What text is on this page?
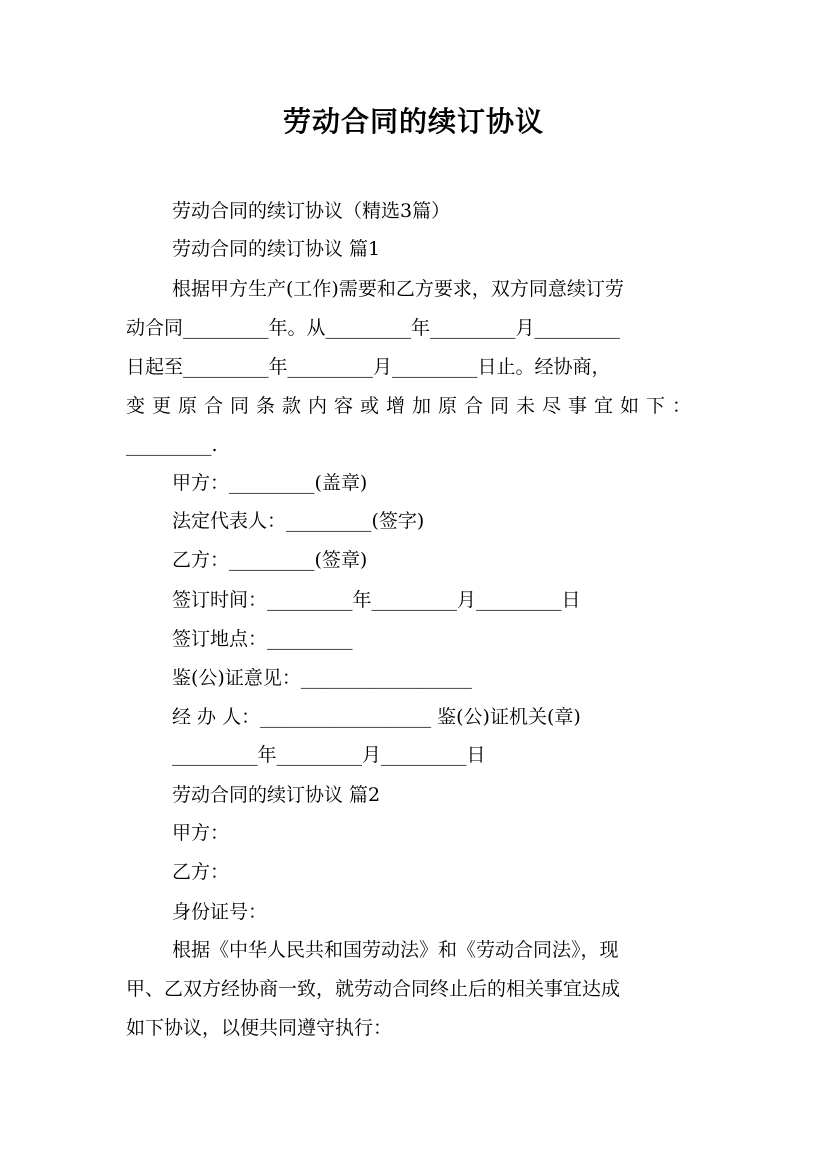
劳动合同的续订协议
劳动合同的续订协议（精选3篇）
劳动合同的续订协议 篇1
根据甲方生产(工作)需要和乙方要求，双方同意续订劳
动合同_________年。从_________年_________月_________
日起至_________年_________月_________日止。经协商，
变更原合同条款内容或增加原合同未尽事宜如下：
_________.
甲方：_________(盖章)
法定代表人：_________(签字)
乙方：_________(签章)
签订时间：_________年_________月_________日
签订地点：_________
鉴(公)证意见：__________________
经 办 人：__________________ 鉴(公)证机关(章)
_________年_________月_________日
劳动合同的续订协议 篇2
甲方：
乙方：
身份证号：
根据《中华人民共和国劳动法》和《劳动合同法》，现
甲、乙双方经协商一致，就劳动合同终止后的相关事宜达成
如下协议，以便共同遵守执行：
